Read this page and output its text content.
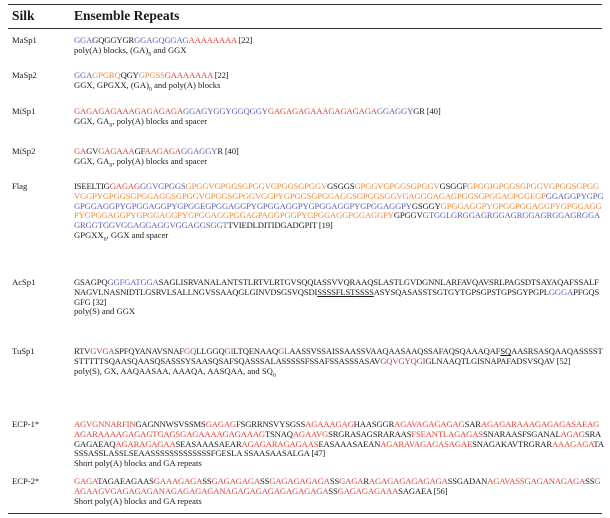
Silk	Ensemble Repeats
MaSp1	GGAGQGGYGRGGAGQGGAGAAAAAAAA [22]
poly(A) blocks, $(GA)_n$ and GGX
MaSp2	GGAGPGRQQGYGPGSSGAAAAAAA [22]
GGX, GPGXX, $(GA)_n$ and poly(A) blocks
MiSp1	GAGAGAGAAAGAGAGAGAGGAGYGGYGGQGGYGAGAGAGAAAGAGAGAGAGGAGGYGR [40]
GGX, $GA_n$, poly(A) blocks and spacer
MiSp2	GAGVGAGAAAGFAAGAGAGGAGGYR [40]
GGX, $GA_n$, poly(A) blocks and spacer
Flag	ISEELTIGGAGAGGGVGPGGSGPGGVGPGGSGPGGVGPGGSGPGGVGSGGSGPGGVGPGGSGPGGVGSGGFGPGGIGPGGSGPGGVGPGGSGPGGVGGPYGPGGSGPGGAGGSGPGGVGPGGSGPGGVGGPYGPGGSGPGGAGGSGPGGSGGVGAGGGAGAGPGGSGPGGAGPGGEGPGGAGGPYGPGGPGGAGGPYGPGGAGGPYGPGGEGPGGAGGPYGPGGAGGPYGPGGAGGPYGPGGAGGPYGSGGYGPGGAGGPYGPGGPGGAGGPYGPGGAGGPYGPGGAGGPYGPGGAGGPYGPGGAGGPGGAGPAGGPGGPYGPGGAGGPGGAGGPYGPGGVGTGGLGRGGAGRGGAGRGGAGRGGAGRGGAGRGGTGGVGGAGGAGGVGGAGGSGGTTVIEDLDITIDGADGPIT [19]
$GPGXX_n$, GGX and spacer
AcSp1	GSAGPQGGFGATGGASAGLISRVANALANTSTLRTVLRTGVSQQIASSVVQRAAQSLASTLGVDGNNLARFAVQAVSRLPAGSDTSAYAQAFSSALFNAGVLNASNIDTLGSRVLSALLNGVSSAAQGLGINVDSGSVQSDISSSSFLSTSSSSASYSQASASSTSGTGYTGPSGPSTGPSGYPGPLGGGAPFGQSGFG [32]
poly(S) and GGX
TuSp1	RTVGVGASPFQYANAVSNAFGQLLGGQGILTQENAAQGLAASSVSSAISSAASSVAAQAASAAQSSAFAQSQAAAQAFSQAASRSASQAAQASSSSTSTTTTTSQAASQAASQSASSSYSAASQSAFSQASSSALASSSSSFSSAFSSASSSASAVGQVGYQGIGLNAAQTLGISNAPAFADSVSQAV [52]
poly(S), GX, AAQAASAA, AAAQA, AASQAA, and $SQ_n$
ECP-1*	AGVGNNARFINGAGNNWSVSSMSGAGAGFSGRRNSVYSGSSAGAAAGAGHAASGGRAGAVAGAGAGAGSARAGAGARAAAGAGAGASAEAGAGARAAAAGAGAGTGAGSGAGAAAAGAGAAAGTSNAQAGAAVGSRGRASAGSRARAASFSEANTLAGAGASSNARAASFSGANALAGAGSRAGAGAEAQAGARAGAGAASEASAAASAEARAGAGARAGAGAASEASAAASAEANAGARAVAGAGASAGAESNAGAKAVTRGRARAAAGAGATASSSASSLASSLSEAASSSSSSSSSSSSSFGESLA SSAASAASALGA [47]
Short poly(A) blocks and GA repeats
ECP-2*	GAGATAGAEAGAASGAAAGAGASSGAGAGAGASSGAGAGAGAGASSGAGARAGAGAGAGAGAGASSGADANAGAVASSGAGANAGAGASSGAGAAGVGAGAGAGANAGAGAGAGANAGAGAGAGAGAGAGAGASSGAGAGAGAAASAGAEA [56]
Short poly(A) blocks and GA repeats
